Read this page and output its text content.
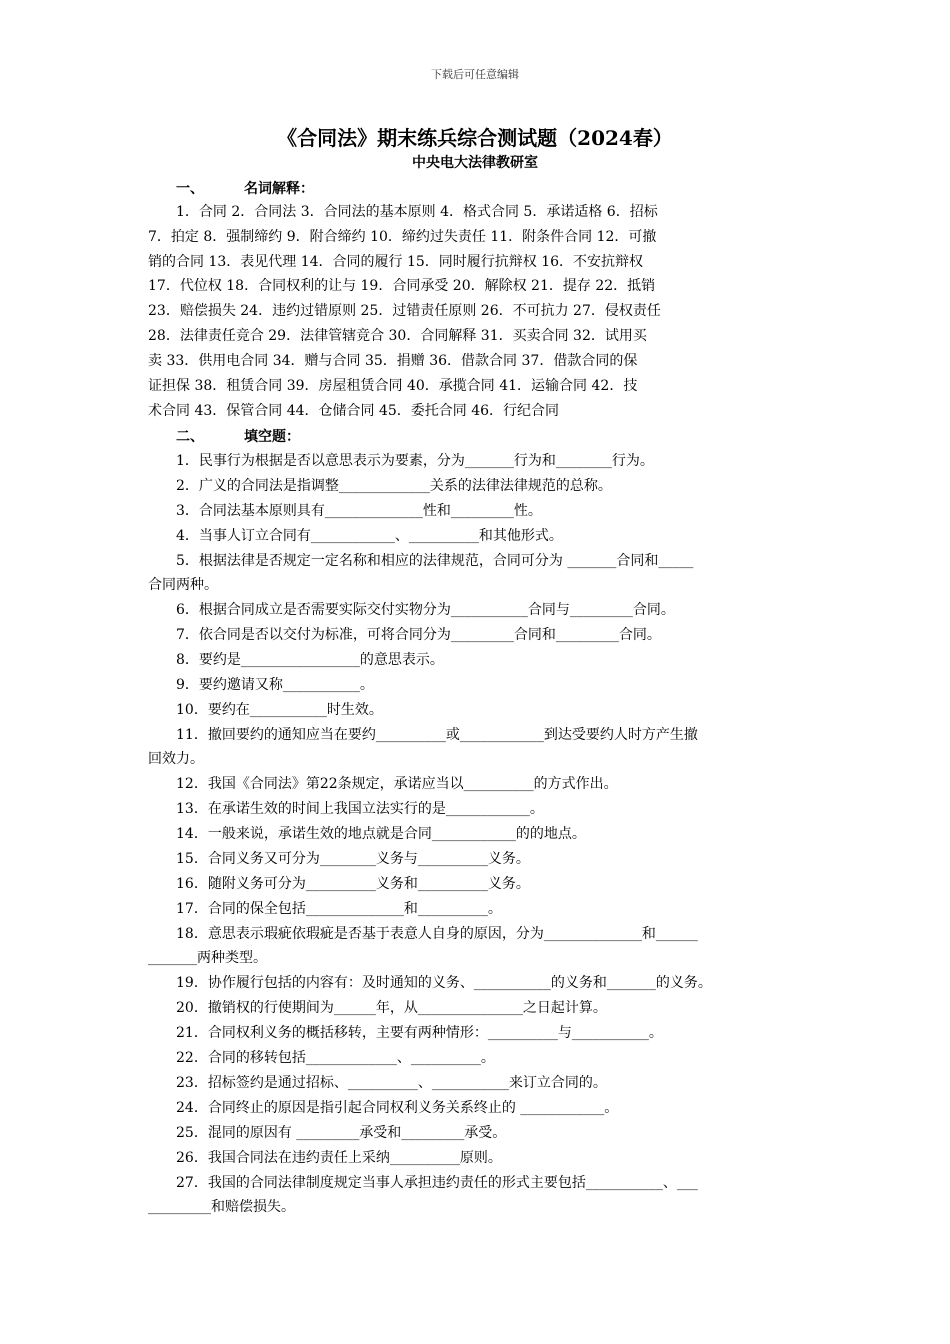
下载后可任意编辑
《合同法》期末练兵综合测试题（2024春）
中央电大法律教研室
一、	名词解释：
1．合同 2．合同法 3．合同法的基本原则 4．格式合同 5．承诺适格 6．招标
7．拍定 8．强制缔约 9．附合缔约 10．缔约过失责任 11．附条件合同 12．可撤
销的合同 13．表见代理 14．合同的履行 15．同时履行抗辩权 16．不安抗辩权
17．代位权 18．合同权利的让与 19．合同承受 20．解除权 21．提存 22．抵销
23．赔偿损失 24．违约过错原则 25．过错责任原则 26．不可抗力 27．侵权责任
28．法律责任竞合 29．法律管辖竞合 30．合同解释 31．买卖合同 32．试用买
卖 33．供用电合同 34．赠与合同 35．捐赠 36．借款合同 37．借款合同的保
证担保 38．租赁合同 39．房屋租赁合同 40．承揽合同 41．运输合同 42．技
术合同 43．保管合同 44．仓储合同 45．委托合同 46．行纪合同
二、	填空题：
1．民事行为根据是否以意思表示为要素，分为_______行为和________行为。
2．广义的合同法是指调整_____________关系的法律法律规范的总称。
3．合同法基本原则具有______________性和_________性。
4．当事人订立合同有____________、__________和其他形式。
5．根据法律是否规定一定名称和相应的法律规范，合同可分为 _______合同和_____
合同两种。
6．根据合同成立是否需要实际交付实物分为___________合同与_________合同。
7．依合同是否以交付为标准，可将合同分为_________合同和_________合同。
8．要约是_________________的意思表示。
9．要约邀请又称___________。
10．要约在___________时生效。
11．撤回要约的通知应当在要约__________或____________到达受要约人时方产生撤
回效力。
12．我国《合同法》第22条规定，承诺应当以__________的方式作出。
13．在承诺生效的时间上我国立法实行的是____________。
14．一般来说，承诺生效的地点就是合同____________的的地点。
15．合同义务又可分为________义务与__________义务。
16．随附义务可分为__________义务和__________义务。
17．合同的保全包括______________和__________。
18．意思表示瑕疵依瑕疵是否基于表意人自身的原因，分为______________和______
_______两种类型。
19．协作履行包括的内容有：及时通知的义务、___________的义务和_______的义务。
20．撤销权的行使期间为______年，从_______________之日起计算。
21．合同权利义务的概括移转，主要有两种情形：__________与___________。
22．合同的移转包括_____________、__________。
23．招标签约是通过招标、__________、___________来订立合同的。
24．合同终止的原因是指引起合同权利义务关系终止的 ____________。
25．混同的原因有 _________承受和_________承受。
26．我国合同法在违约责任上采纳__________原则。
27．我国的合同法律制度规定当事人承担违约责任的形式主要包括___________、___
_________和赔偿损失。
